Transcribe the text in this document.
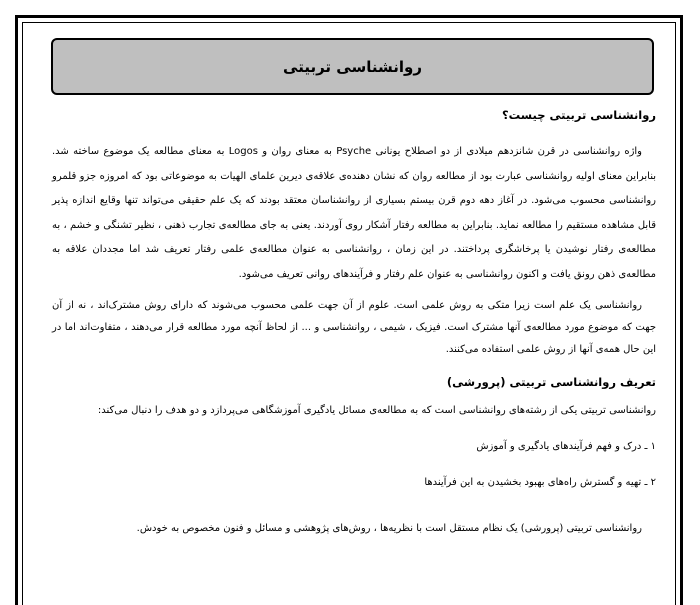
روانشناسی تربیتی

روانشناسی تربیتی چیست؟

واژه روانشناسی در قرن شانزدهم میلادی از دو اصطلاح یونانی Psyche به معنای روان و Logos به معنای مطالعه یک موضوع ساخته شد. بنابراین معنای اولیه روانشناسی عبارت بود از مطالعه روان که نشان دهنده‌ی علاقه‌ی دیرین علمای الهیات به موضوعاتی بود که امروزه جزو قلمرو روانشناسی محسوب می‌شود. در آغاز دهه دوم قرن بیستم بسیاری از روانشناسان معتقد بودند که یک علم حقیقی می‌تواند تنها وقایع اندازه پذیر قابل مشاهده مستقیم را مطالعه نماید. بنابراین به مطالعه رفتار آشکار روی آوردند. یعنی به جای مطالعه‌ی تجارب ذهنی ، نظیر تشنگی و خشم ، به مطالعه‌ی رفتار نوشیدن یا پرخاشگری پرداختند. در این زمان ، روانشناسی به عنوان مطالعه‌ی علمی رفتار تعریف شد اما مجددان علاقه به مطالعه‌ی ذهن رونق یافت و اکنون روانشناسی به عنوان علم رفتار و فرآیندهای روانی تعریف می‌شود.

روانشناسی یک علم است زیرا متکی به روش علمی است. علوم از آن جهت علمی محسوب می‌شوند که دارای روش مشترک‌اند ، نه از آن جهت که موضوع مورد مطالعه‌ی آنها مشترک است. فیزیک ، شیمی ، روانشناسی و ... از لحاظ آنچه مورد مطالعه قرار می‌دهند ، متفاوت‌اند اما در این حال همه‌ی آنها از روش علمی استفاده می‌کنند.

تعریف روانشناسی تربیتی (پرورشی)

روانشناسی تربیتی یکی از رشته‌های روانشناسی است که به مطالعه‌ی مسائل یادگیری آموزشگاهی می‌پردازد و دو هدف را دنبال می‌کند:

۱ ـ درک و فهم فرآیندهای یادگیری و آموزش

۲ ـ تهیه و گسترش راه‌های بهبود بخشیدن به این فرآیندها

روانشناسی تربیتی (پرورشی) یک نظام مستقل است با نظریه‌ها ، روش‌های پژوهشی و مسائل و فنون مخصوص به خودش.
